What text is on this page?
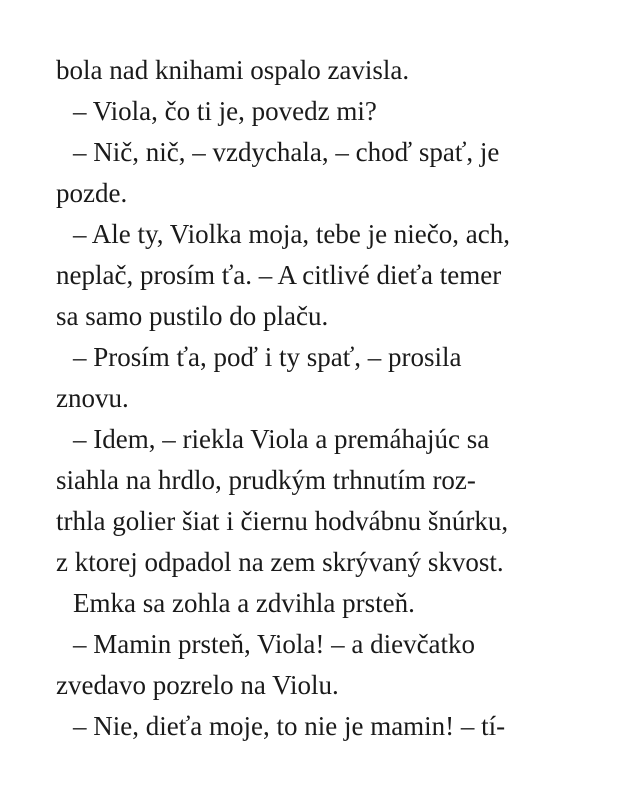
bola nad knihami ospalo zavisla.
– Viola, čo ti je, povedz mi?
– Nič, nič, – vzdychala, – choď spať, je
pozde.
– Ale ty, Violka moja, tebe je niečo, ach,
neplač, prosím ťa. – A citlivé dieťa temer
sa samo pustilo do plaču.
– Prosím ťa, poď i ty spať, – prosila
znovu.
– Idem, – riekla Viola a premáhajúc sa
siahla na hrdlo, prudkým trhnutím roz-
trhla golier šiat i čiernu hodvábnu šnúrku,
z ktorej odpadol na zem skrývaný skvost.
Emka sa zohla a zdvihla prsteň.
– Mamin prsteň, Viola! – a dievčatko
zvedavo pozrelo na Violu.
– Nie, dieťa moje, to nie je mamin! – tí-
